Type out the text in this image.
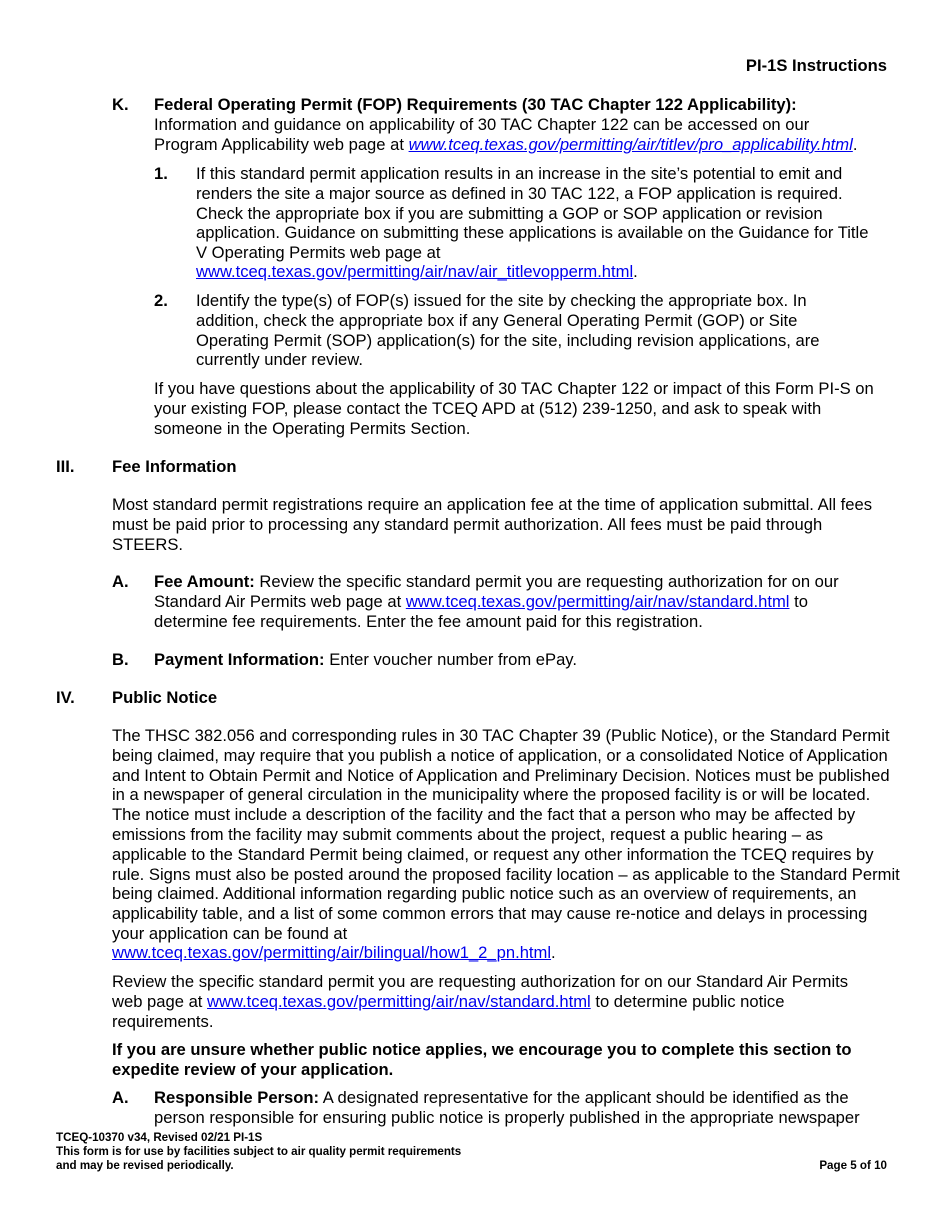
PI-1S Instructions
K. Federal Operating Permit (FOP) Requirements (30 TAC Chapter 122 Applicability):
Information and guidance on applicability of 30 TAC Chapter 122 can be accessed on our
Program Applicability web page at www.tceq.texas.gov/permitting/air/titlev/pro_applicability.html.
1. If this standard permit application results in an increase in the site’s potential to emit and renders the site a major source as defined in 30 TAC 122, a FOP application is required. Check the appropriate box if you are submitting a GOP or SOP application or revision application. Guidance on submitting these applications is available on the Guidance for Title V Operating Permits web page at
www.tceq.texas.gov/permitting/air/nav/air_titlevopperm.html.
2. Identify the type(s) of FOP(s) issued for the site by checking the appropriate box. In addition, check the appropriate box if any General Operating Permit (GOP) or Site Operating Permit (SOP) application(s) for the site, including revision applications, are currently under review.
If you have questions about the applicability of 30 TAC Chapter 122 or impact of this Form PI-S on your existing FOP, please contact the TCEQ APD at (512) 239-1250, and ask to speak with someone in the Operating Permits Section.
III. Fee Information
Most standard permit registrations require an application fee at the time of application submittal. All fees must be paid prior to processing any standard permit authorization. All fees must be paid through STEERS.
A. Fee Amount: Review the specific standard permit you are requesting authorization for on our
Standard Air Permits web page at www.tceq.texas.gov/permitting/air/nav/standard.html to
determine fee requirements. Enter the fee amount paid for this registration.
B. Payment Information: Enter voucher number from ePay.
IV. Public Notice
The THSC 382.056 and corresponding rules in 30 TAC Chapter 39 (Public Notice), or the Standard Permit being claimed, may require that you publish a notice of application, or a consolidated Notice of Application and Intent to Obtain Permit and Notice of Application and Preliminary Decision. Notices must be published in a newspaper of general circulation in the municipality where the proposed facility is or will be located. The notice must include a description of the facility and the fact that a person who may be affected by emissions from the facility may submit comments about the project, request a public hearing – as applicable to the Standard Permit being claimed, or request any other information the TCEQ requires by rule. Signs must also be posted around the proposed facility location – as applicable to the Standard Permit being claimed. Additional information regarding public notice such as an overview of requirements, an applicability table, and a list of some common errors that may cause re-notice and delays in processing your application can be found at
www.tceq.texas.gov/permitting/air/bilingual/how1_2_pn.html.
Review the specific standard permit you are requesting authorization for on our Standard Air Permits
web page at www.tceq.texas.gov/permitting/air/nav/standard.html to determine public notice
requirements.
If you are unsure whether public notice applies, we encourage you to complete this section to expedite review of your application.
A. Responsible Person: A designated representative for the applicant should be identified as the
person responsible for ensuring public notice is properly published in the appropriate newspaper
TCEQ-10370 v34, Revised 02/21 PI-1S
This form is for use by facilities subject to air quality permit requirements
and may be revised periodically.	Page 5 of 10
